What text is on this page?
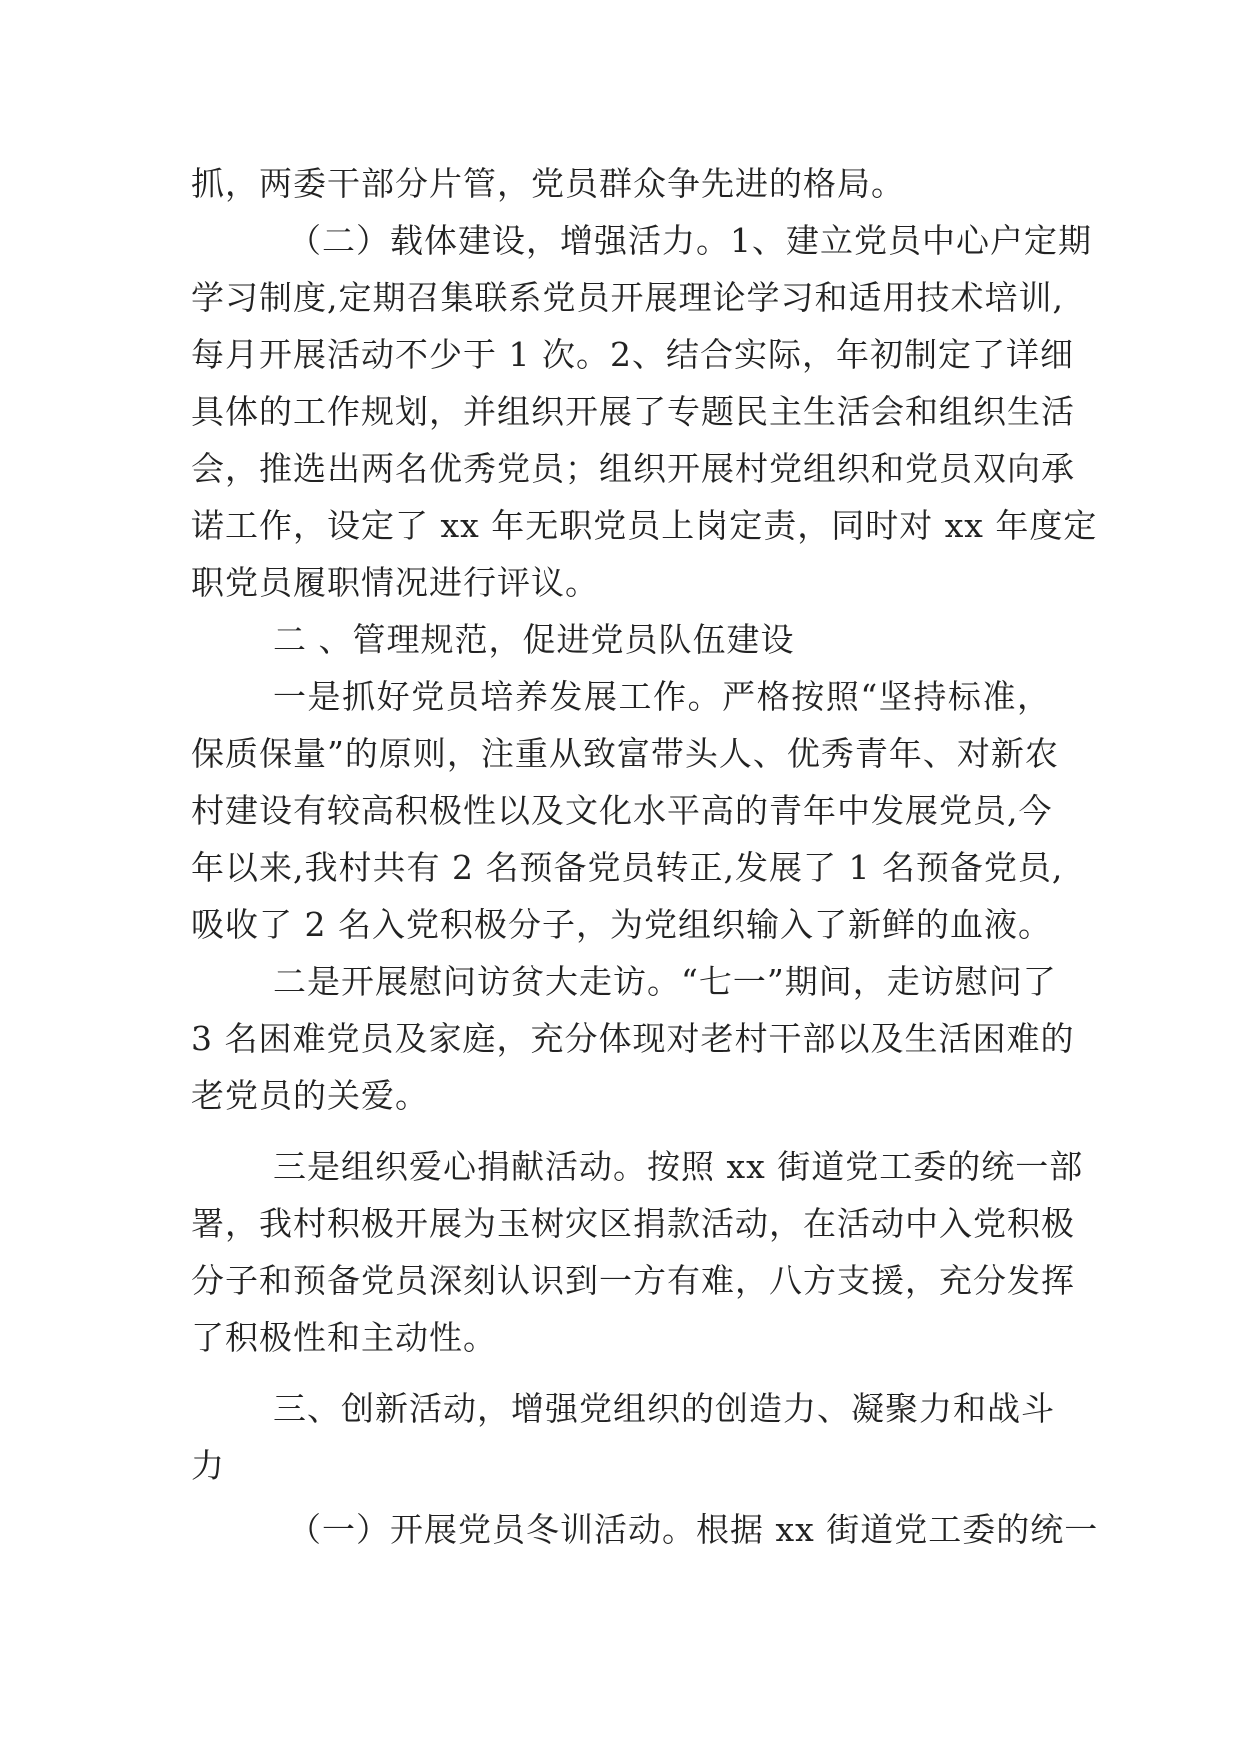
抓，两委干部分片管，党员群众争先进的格局。
（二）载体建设，增强活力。1、建立党员中心户定期
学习制度,定期召集联系党员开展理论学习和适用技术培训,
每月开展活动不少于 1 次。2、结合实际，年初制定了详细
具体的工作规划，并组织开展了专题民主生活会和组织生活
会，推选出两名优秀党员；组织开展村党组织和党员双向承
诺工作，设定了 xx 年无职党员上岗定责，同时对 xx 年度定
职党员履职情况进行评议。
二 、管理规范，促进党员队伍建设
一是抓好党员培养发展工作。严格按照“坚持标准，
保质保量”的原则，注重从致富带头人、优秀青年、对新农
村建设有较高积极性以及文化水平高的青年中发展党员,今
年以来,我村共有 2 名预备党员转正,发展了 1 名预备党员,
吸收了 2 名入党积极分子，为党组织输入了新鲜的血液。
二是开展慰问访贫大走访。“七一”期间，走访慰问了
3 名困难党员及家庭，充分体现对老村干部以及生活困难的
老党员的关爱。
三是组织爱心捐献活动。按照 xx 街道党工委的统一部
署，我村积极开展为玉树灾区捐款活动，在活动中入党积极
分子和预备党员深刻认识到一方有难，八方支援，充分发挥
了积极性和主动性。
三、创新活动，增强党组织的创造力、凝聚力和战斗
力
（一）开展党员冬训活动。根据 xx 街道党工委的统一
